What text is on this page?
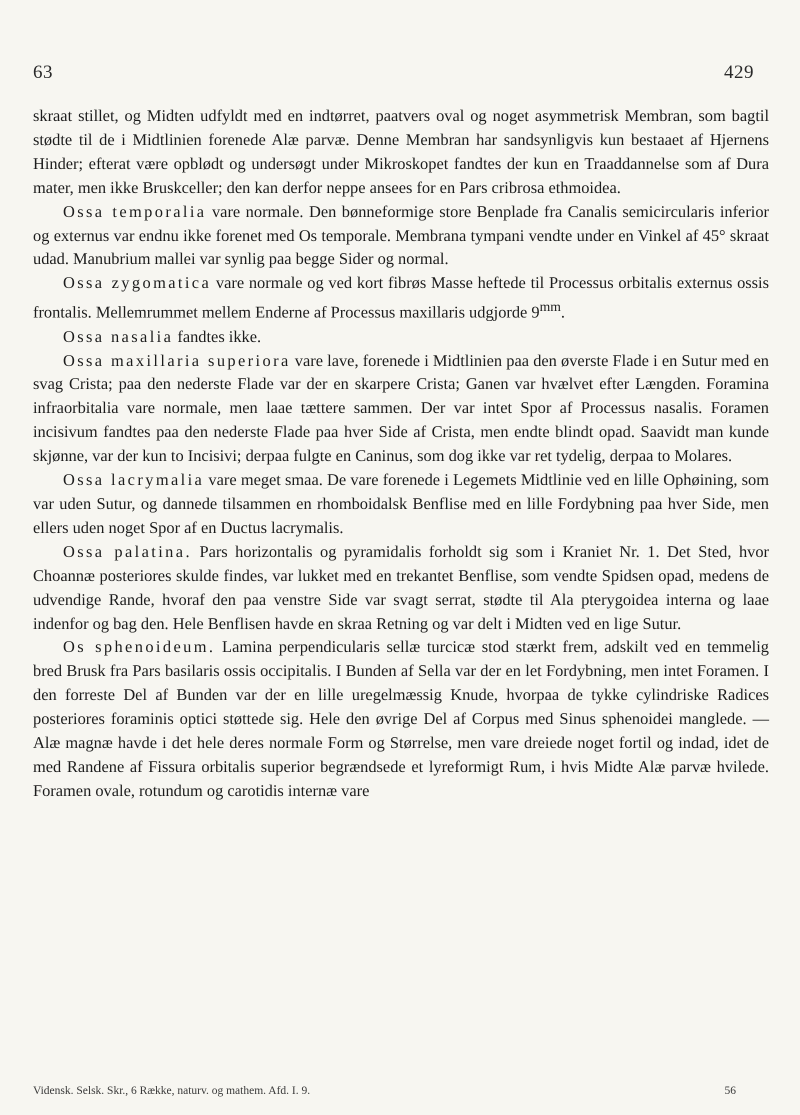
63	429

skraat stillet, og Midten udfyldt med en indtørret, paatvers oval og noget asymmetrisk Membran, som bagtil stødte til de i Midtlinien forenede Alæ parvæ. Denne Membran har sandsynligvis kun bestaaet af Hjernens Hinder; efterat være opblødt og undersøgt under Mikroskopet fandtes der kun en Traaddannelse som af Dura mater, men ikke Bruskceller; den kan derfor neppe ansees for en Pars cribrosa ethmoidea.

Ossa temporalia vare normale. Den bønneformige store Benplade fra Canalis semicircularis inferior og externus var endnu ikke forenet med Os temporale. Membrana tympani vendte under en Vinkel af 45° skraat udad. Manubrium mallei var synlig paa begge Sider og normal.

Ossa zygomatica vare normale og ved kort fibrøs Masse heftede til Processus orbitalis externus ossis frontalis. Mellemrummet mellem Enderne af Processus maxillaris udgjorde $9^{mm}$.

Ossa nasalia fandtes ikke.

Ossa maxillaria superiora vare lave, forenede i Midtlinien paa den øverste Flade i en Sutur med en svag Crista; paa den nederste Flade var der en skarpere Crista; Ganen var hvælvet efter Længden. Foramina infraorbitalia vare normale, men laae tættere sammen. Der var intet Spor af Processus nasalis. Foramen incisivum fandtes paa den nederste Flade paa hver Side af Crista, men endte blindt opad. Saavidt man kunde skjønne, var der kun to Incisivi; derpaa fulgte en Caninus, som dog ikke var ret tydelig, derpaa to Molares.

Ossa lacrymalia vare meget smaa. De vare forenede i Legemets Midtlinie ved en lille Ophøining, som var uden Sutur, og dannede tilsammen en rhomboidalsk Benflise med en lille Fordybning paa hver Side, men ellers uden noget Spor af en Ductus lacrymalis.

Ossa palatina. Pars horizontalis og pyramidalis forholdt sig som i Kraniet Nr. 1. Det Sted, hvor Choannæ posteriores skulde findes, var lukket med en trekantet Benflise, som vendte Spidsen opad, medens de udvendige Rande, hvoraf den paa venstre Side var svagt serrat, stødte til Ala pterygoidea interna og laae indenfor og bag den. Hele Benflisen havde en skraa Retning og var delt i Midten ved en lige Sutur.

Os sphenoideum. Lamina perpendicularis sellæ turcicæ stod stærkt frem, adskilt ved en temmelig bred Brusk fra Pars basilaris ossis occipitalis. I Bunden af Sella var der en let Fordybning, men intet Foramen. I den forreste Del af Bunden var der en lille uregelmæssig Knude, hvorpaa de tykke cylindriske Radices posteriores foraminis optici støttede sig. Hele den øvrige Del af Corpus med Sinus sphenoidei manglede. — Alæ magnæ havde i det hele deres normale Form og Størrelse, men vare dreiede noget fortil og indad, idet de med Randene af Fissura orbitalis superior begrændsede et lyreformigt Rum, i hvis Midte Alæ parvæ hvilede. Foramen ovale, rotundum og carotidis internæ vare

Vidensk. Selsk. Skr., 6 Række, naturv. og mathem. Afd. I. 9.	56
